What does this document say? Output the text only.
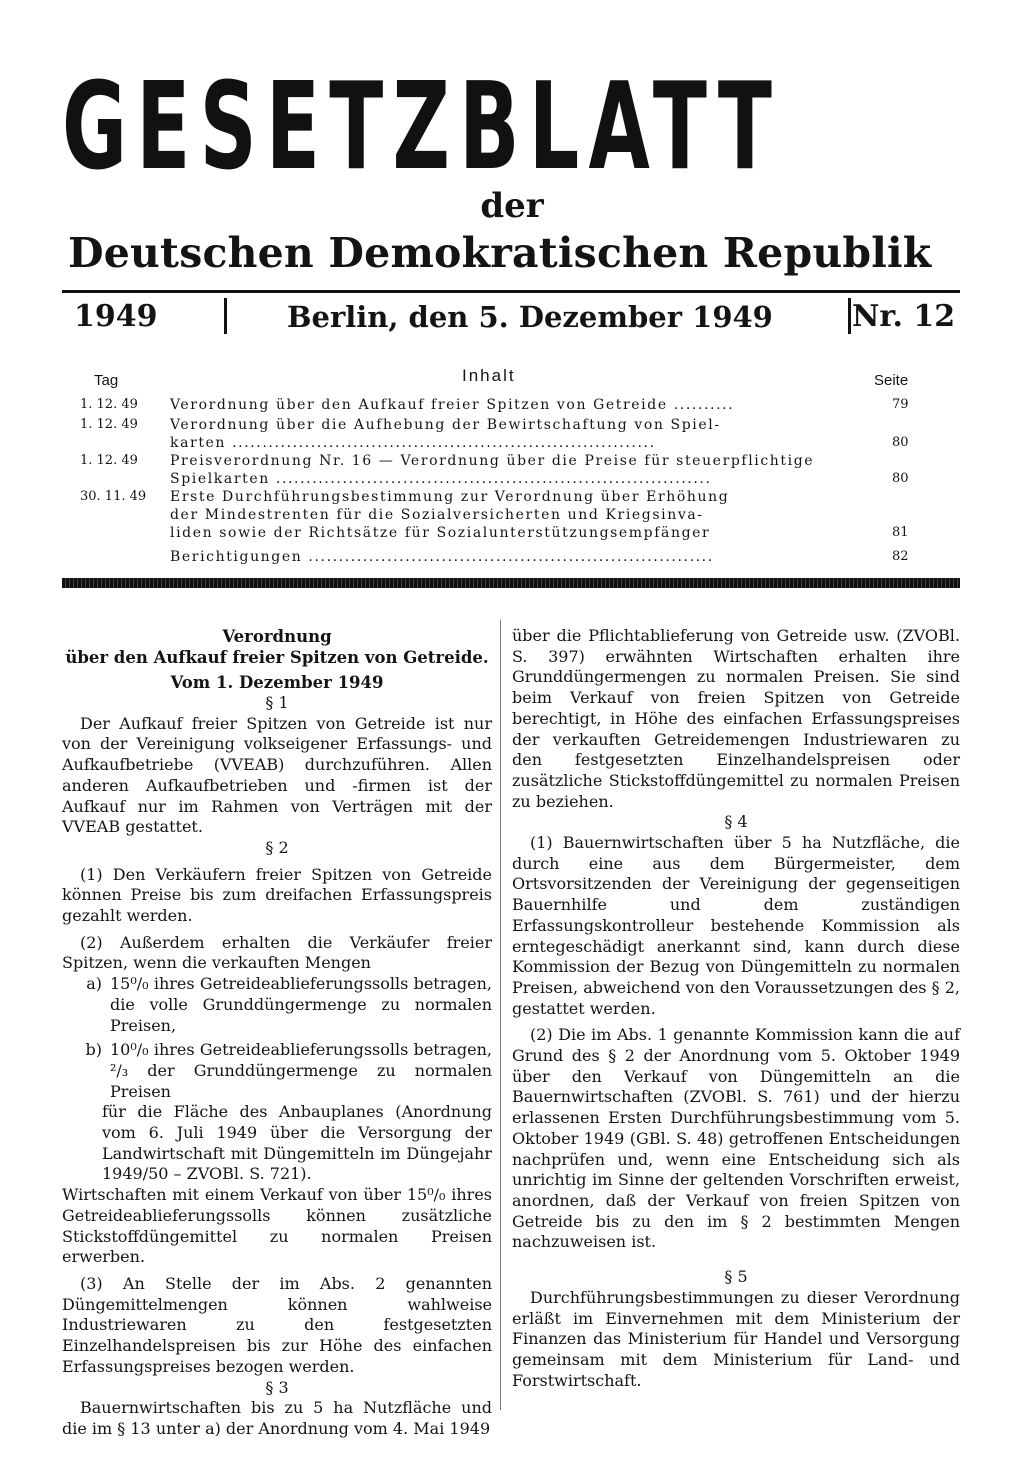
GESETZBLATT
der
Deutschen Demokratischen Republik
1949	Berlin, den 5. Dezember 1949	Nr. 12
Tag	Inhalt	Seite
1. 12. 49 Verordnung über den Aufkauf freier Spitzen von Getreide ..........	79
1. 12. 49 Verordnung über die Aufhebung der Bewirtschaftung von Spiel-
karten ......................................................................	80
1. 12. 49 Preisverordnung Nr. 16 — Verordnung über die Preise für steuerpflichtige
Spielkarten ........................................................................	80
30. 11. 49 Erste Durchführungsbestimmung zur Verordnung über Erhöhung
der Mindestrenten für die Sozialversicherten und Kriegsinva-
liden sowie der Richtsätze für Sozialunterstützungsempfänger	81
Berichtigungen ...................................................................	82

Verordnung

über den Aufkauf freier Spitzen von Getreide.

Vom 1. Dezember 1949

§ 1

Der Aufkauf freier Spitzen von Getreide ist nur von der Vereinigung volkseigener Erfassungs- und Aufkaufbetriebe (VVEAB) durchzuführen. Allen anderen Aufkaufbetrieben und -firmen ist der Aufkauf nur im Rahmen von Verträgen mit der VVEAB gestattet.

§ 2

(1) Den Verkäufern freier Spitzen von Getreide können Preise bis zum dreifachen Erfassungspreis gezahlt werden.

(2) Außerdem erhalten die Verkäufer freier Spitzen, wenn die verkauften Mengen

a) 15⁰/₀ ihres Getreideablieferungssolls betragen, die volle Grunddüngermenge zu normalen Preisen,
b) 10⁰/₀ ihres Getreideablieferungssolls betragen, ²/₃ der Grunddüngermenge zu normalen Preisen

für die Fläche des Anbauplanes (Anordnung vom 6. Juli 1949 über die Versorgung der Landwirtschaft mit Düngemitteln im Düngejahr 1949/50 – ZVOBl. S. 721).

Wirtschaften mit einem Verkauf von über 15⁰/₀ ihres Getreideablieferungssolls können zusätzliche Stickstoffdüngemittel zu normalen Preisen erwerben.

(3) An Stelle der im Abs. 2 genannten Düngemittelmengen können wahlweise Industriewaren zu den festgesetzten Einzelhandelspreisen bis zur Höhe des einfachen Erfassungspreises bezogen werden.

§ 3

Bauernwirtschaften bis zu 5 ha Nutzfläche und die im § 13 unter a) der Anordnung vom 4. Mai 1949

über die Pflichtablieferung von Getreide usw. (ZVOBl. S. 397) erwähnten Wirtschaften erhalten ihre Grunddüngermengen zu normalen Preisen. Sie sind beim Verkauf von freien Spitzen von Getreide berechtigt, in Höhe des einfachen Erfassungspreises der verkauften Getreidemengen Industriewaren zu den festgesetzten Einzelhandelspreisen oder zusätzliche Stickstoffdüngemittel zu normalen Preisen zu beziehen.

§ 4

(1) Bauernwirtschaften über 5 ha Nutzfläche, die durch eine aus dem Bürgermeister, dem Ortsvorsitzenden der Vereinigung der gegenseitigen Bauernhilfe und dem zuständigen Erfassungskontrolleur bestehende Kommission als erntegeschädigt anerkannt sind, kann durch diese Kommission der Bezug von Düngemitteln zu normalen Preisen, abweichend von den Voraussetzungen des § 2, gestattet werden.

(2) Die im Abs. 1 genannte Kommission kann die auf Grund des § 2 der Anordnung vom 5. Oktober 1949 über den Verkauf von Düngemitteln an die Bauernwirtschaften (ZVOBl. S. 761) und der hierzu erlassenen Ersten Durchführungsbestimmung vom 5. Oktober 1949 (GBl. S. 48) getroffenen Entscheidungen nachprüfen und, wenn eine Entscheidung sich als unrichtig im Sinne der geltenden Vorschriften erweist, anordnen, daß der Verkauf von freien Spitzen von Getreide bis zu den im § 2 bestimmten Mengen nachzuweisen ist.

§ 5

Durchführungsbestimmungen zu dieser Verordnung erläßt im Einvernehmen mit dem Ministerium der Finanzen das Ministerium für Handel und Versorgung gemeinsam mit dem Ministerium für Land- und Forstwirtschaft.
